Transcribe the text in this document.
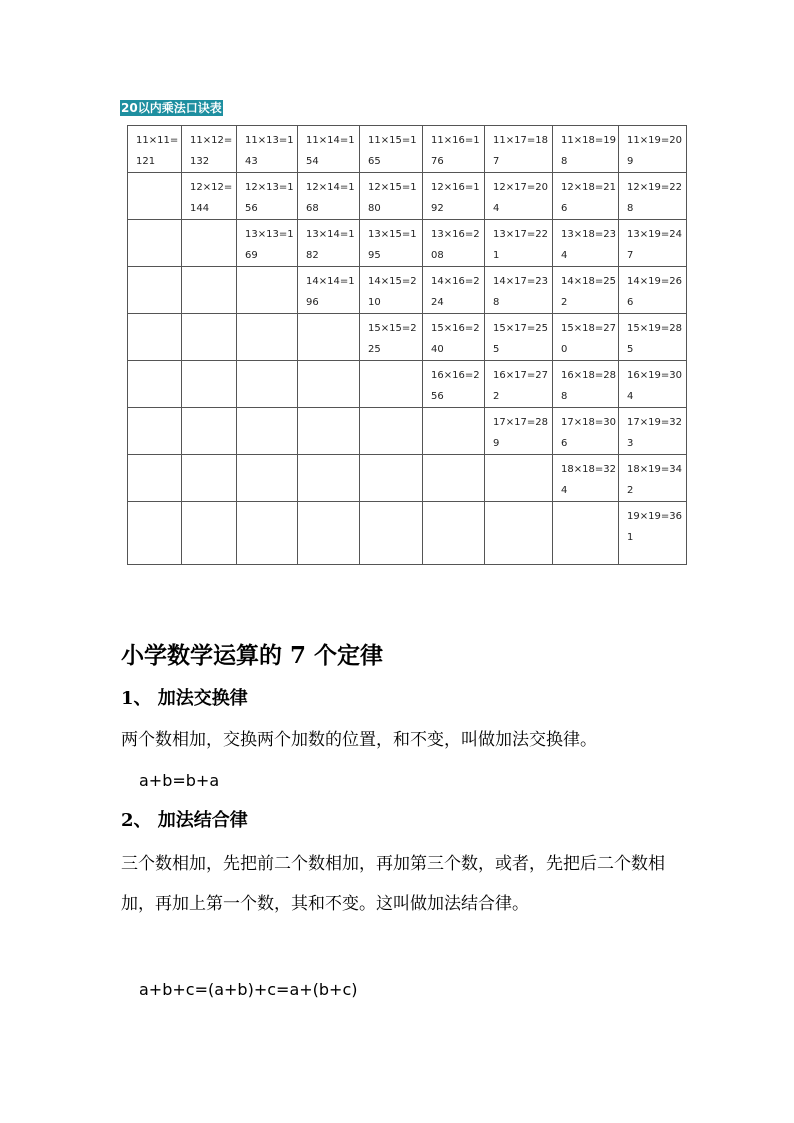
20以内乘法口诀表
11×11=121	11×12=132	11×13=143	11×14=154	11×15=165	11×16=176	11×17=187	11×18=198	11×19=209
	12×12=144	12×13=156	12×14=168	12×15=180	12×16=192	12×17=204	12×18=216	12×19=228
		13×13=169	13×14=182	13×15=195	13×16=208	13×17=221	13×18=234	13×19=247
			14×14=196	14×15=210	14×16=224	14×17=238	14×18=252	14×19=266
				15×15=225	15×16=240	15×17=255	15×18=270	15×19=285
					16×16=256	16×17=272	16×18=288	16×19=304
						17×17=289	17×18=306	17×19=323
							18×18=324	18×19=342
								19×19=361
小学数学运算的 7 个定律
1、 加法交换律

两个数相加，交换两个加数的位置，和不变，叫做加法交换律。

a+b=b+a

2、 加法结合律

三个数相加，先把前二个数相加，再加第三个数，或者，先把后二个数相加，再加上第一个数，其和不变。这叫做加法结合律。

a+b+c=(a+b)+c=a+(b+c)
